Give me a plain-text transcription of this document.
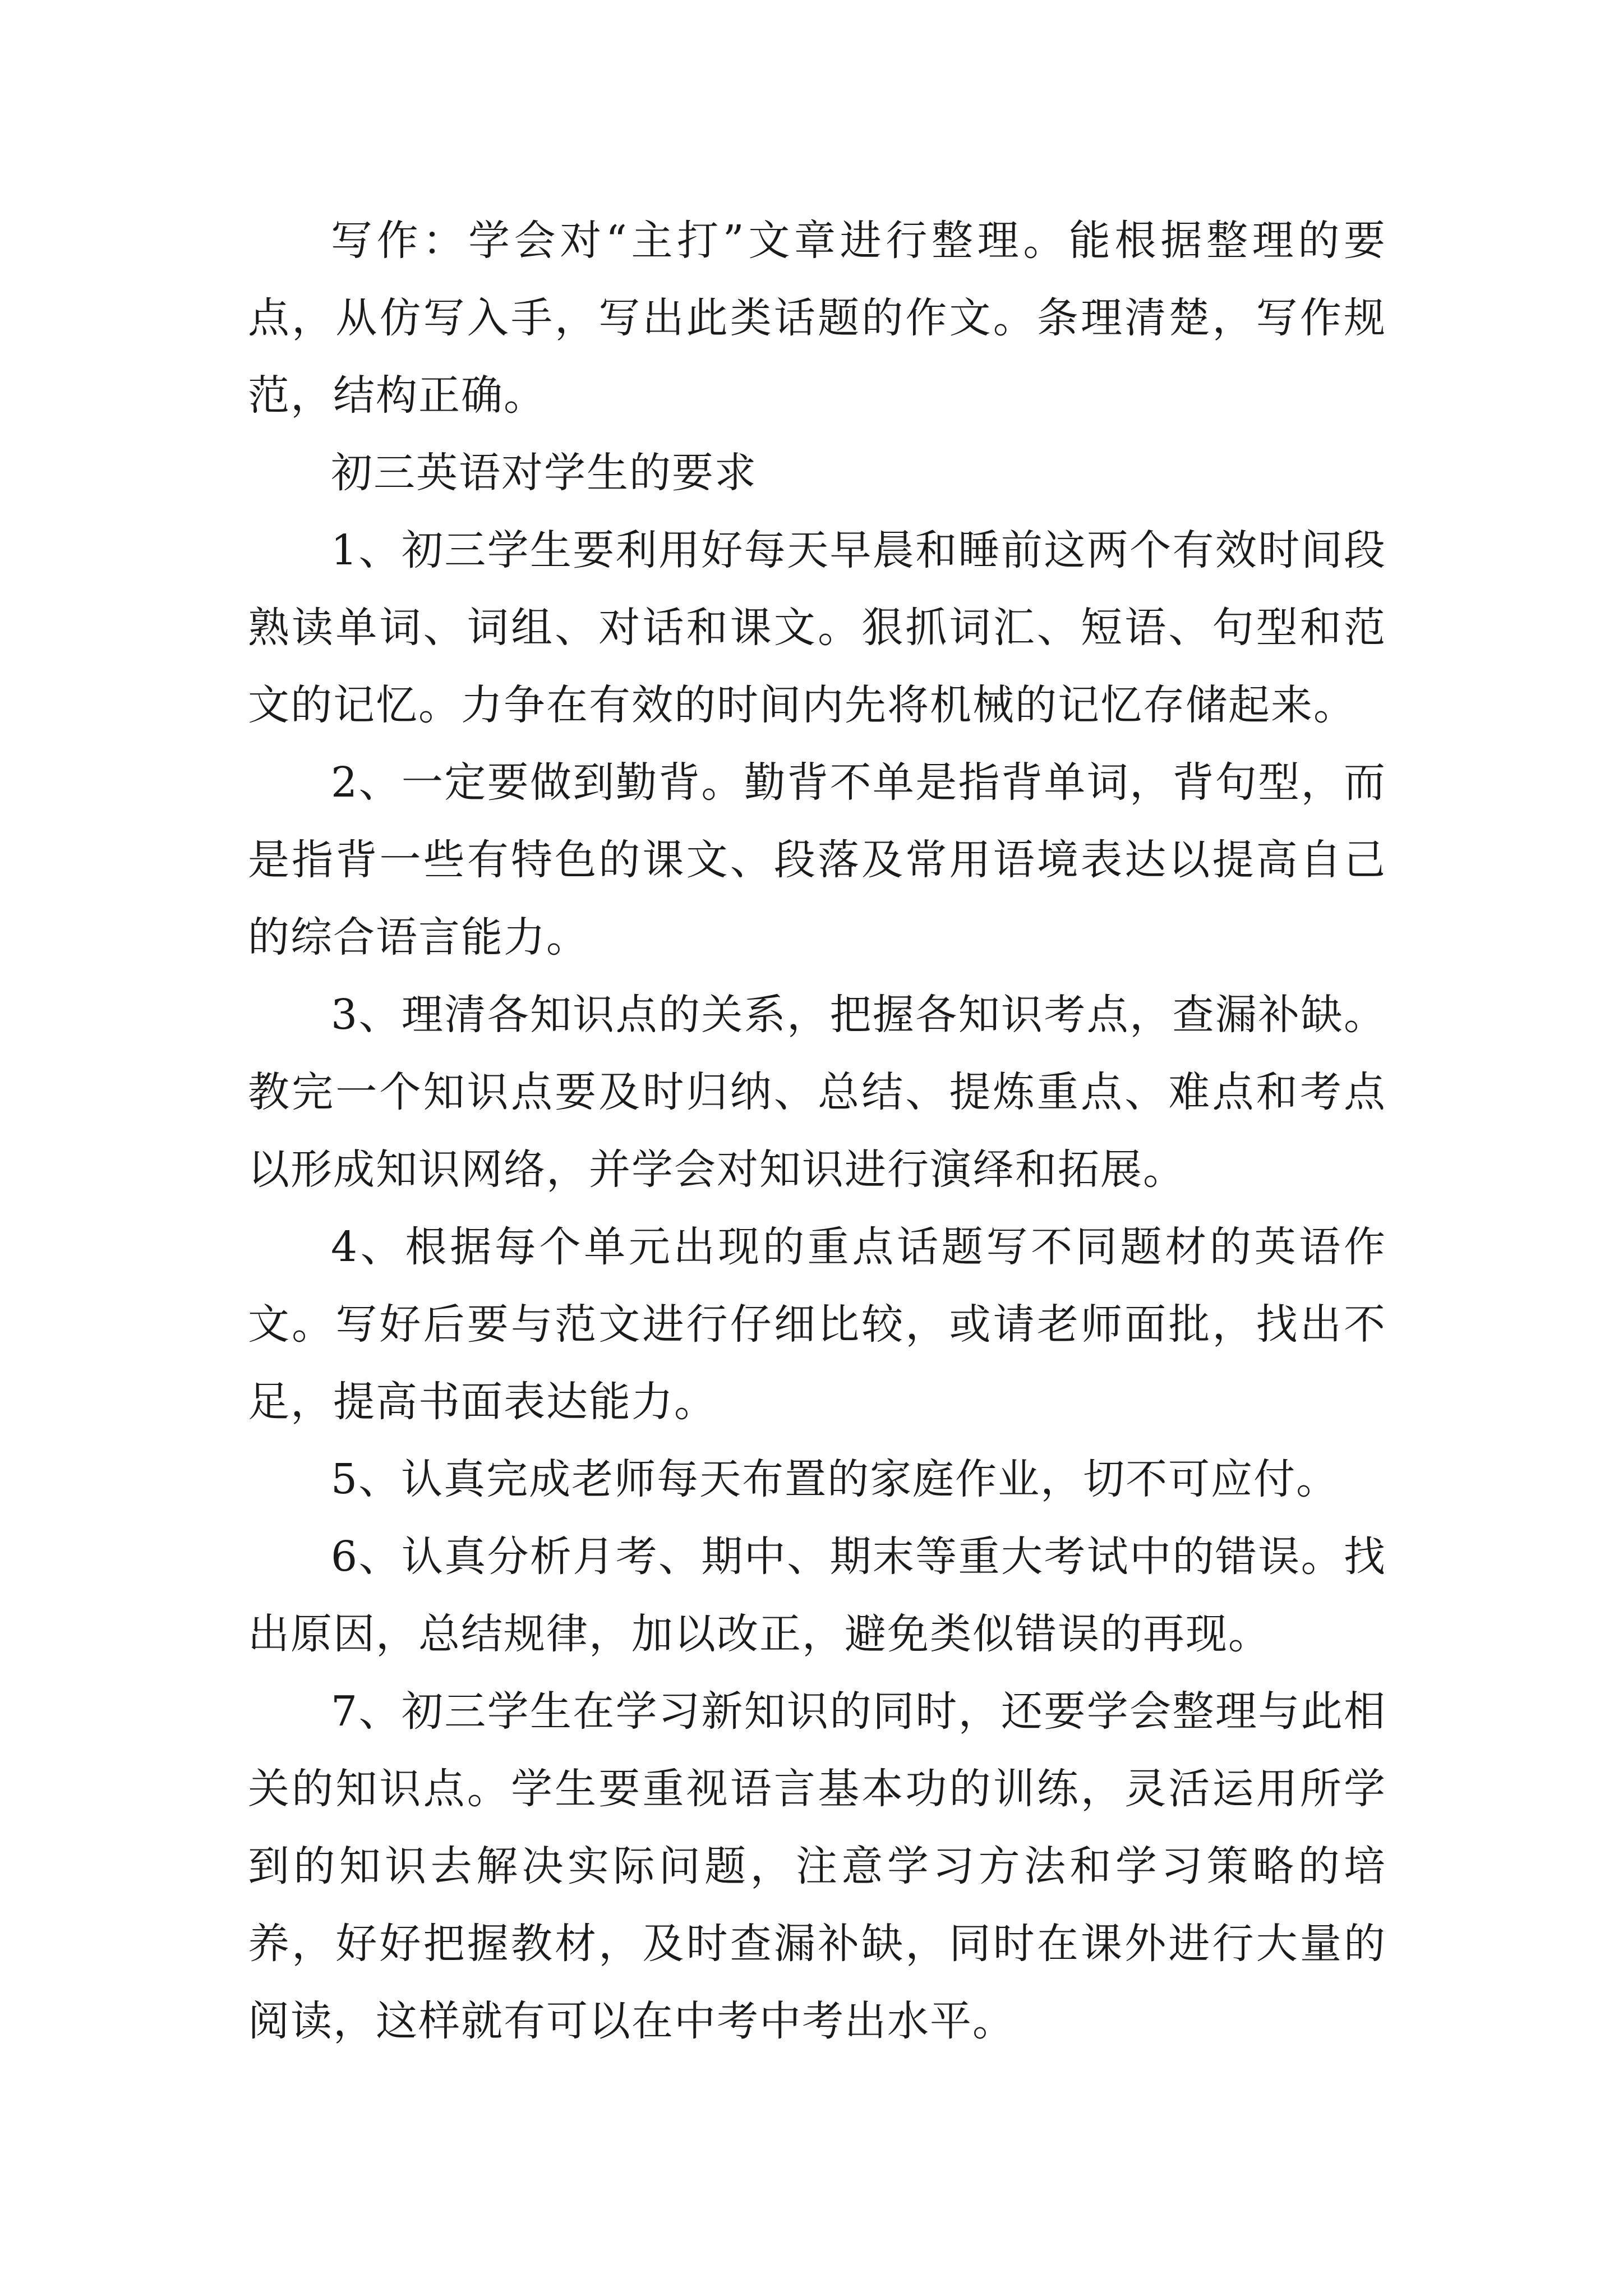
写作：学会对“主打”文章进行整理。能根据整理的要点，从仿写入手，写出此类话题的作文。条理清楚，写作规范，结构正确。

初三英语对学生的要求

1、初三学生要利用好每天早晨和睡前这两个有效时间段熟读单词、词组、对话和课文。狠抓词汇、短语、句型和范文的记忆。力争在有效的时间内先将机械的记忆存储起来。

2、一定要做到勤背。勤背不单是指背单词，背句型，而是指背一些有特色的课文、段落及常用语境表达以提高自己的综合语言能力。

3、理清各知识点的关系，把握各知识考点，查漏补缺。教完一个知识点要及时归纳、总结、提炼重点、难点和考点以形成知识网络，并学会对知识进行演绎和拓展。

4、根据每个单元出现的重点话题写不同题材的英语作文。写好后要与范文进行仔细比较，或请老师面批，找出不足，提高书面表达能力。

5、认真完成老师每天布置的家庭作业，切不可应付。

6、认真分析月考、期中、期末等重大考试中的错误。找出原因，总结规律，加以改正，避免类似错误的再现。

7、初三学生在学习新知识的同时，还要学会整理与此相关的知识点。学生要重视语言基本功的训练，灵活运用所学到的知识去解决实际问题，注意学习方法和学习策略的培养，好好把握教材，及时查漏补缺，同时在课外进行大量的阅读，这样就有可以在中考中考出水平。
